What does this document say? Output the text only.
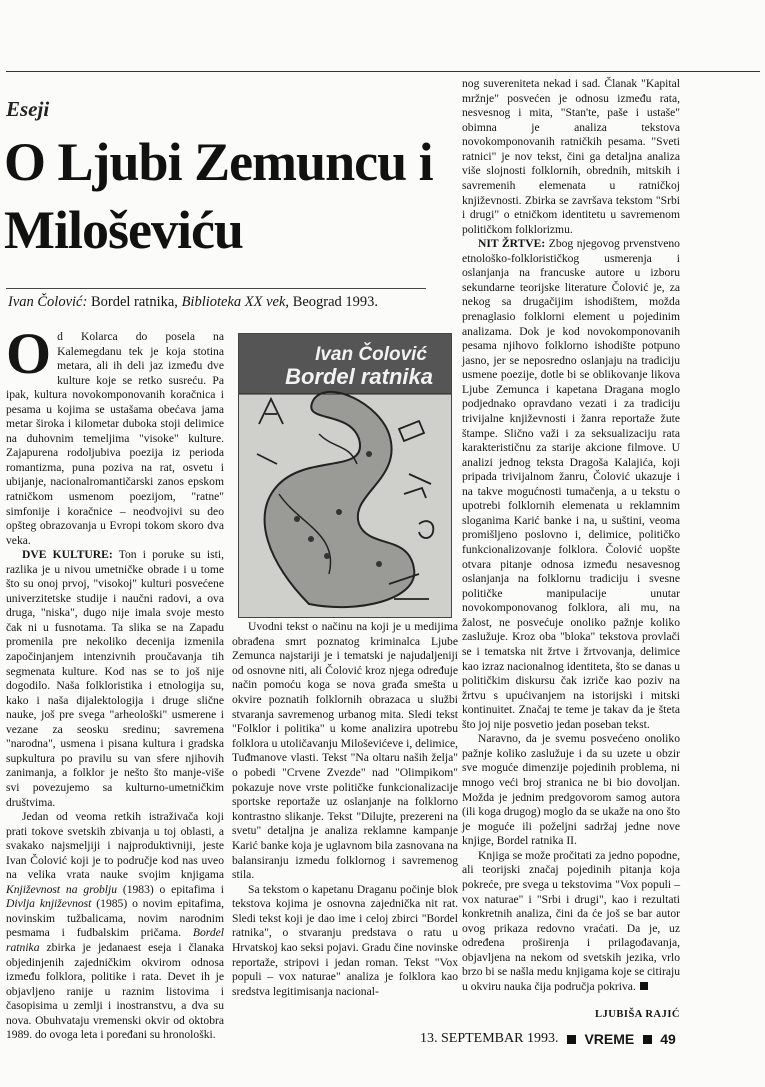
Eseji
O Ljubi Zemuncu i Miloševiću
Ivan Čolović: Bordel ratnika, Biblioteka XX vek, Beograd 1993.

Od Kolarca do posela na Kalemegdanu tek je koja stotina metara, ali ih deli jaz između dve kulture koje se retko susreću. Pa ipak, kultura novokomponovanih koračnica i pesama u kojima se ustašama obećava jama metar široka i kilometar duboka stoji delimice na duhovnim temeljima "visoke" kulture. Zajapurena rodoljubiva poezija iz perioda romantizma, puna poziva na rat, osvetu i ubijanje, nacionalromantičarski zanos epskom ratničkom usmenom poezijom, "ratne" simfonije i koračnice – neodvojivi su deo opšteg obrazovanja u Evropi tokom skoro dva veka.

DVE KULTURE: Ton i poruke su isti, razlika je u nivou umetničke obrade i u tome što su onoj prvoj, "visokoj" kulturi posvećene univerzitetske studije i naučni radovi, a ova druga, "niska", dugo nije imala svoje mesto čak ni u fusnotama. Ta slika se na Zapadu promenila pre nekoliko decenija izmenila započinjanjem intenzivnih proučavanja tih segmenata kulture. Kod nas se to još nije dogodilo. Naša folkloristika i etnologija su, kako i naša dijalektologija i druge slične nauke, još pre svega "arheološki" usmerene i vezane za seosku sredinu; savremena "narodna", usmena i pisana kultura i gradska supkultura po pravilu su van sfere njihovih zanimanja, a folklor je nešto što manje-više svi povezujemo sa kulturno-umetničkim društvima.

Jedan od veoma retkih istraživača koji prati tokove svetskih zbivanja u toj oblasti, a svakako najsmeljiji i najproduktivniji, jeste Ivan Čolović koji je to područje kod nas uveo na velika vrata nauke svojim knjigama Književnost na groblju (1983) o epitafima i Divlja književnost (1985) o novim epitafima, novinskim tužbalicama, novim narodnim pesmama i fudbalskim pričama. Bordel ratnika zbirka je jedanaest eseja i članaka objedinjenih zajedničkim okvirom odnosa između folklora, politike i rata. Devet ih je objavljeno ranije u raznim listovima i časopisima u zemlji i inostranstvu, a dva su nova. Obuhvataju vremenski okvir od oktobra 1989. do ovoga leta i poređani su hronološki.

Ivan Čolović
Bordel ratnika

Uvodni tekst o načinu na koji je u medijima obrađena smrt poznatog kriminalca Ljube Zemunca najstariji je i tematski je najudaljeniji od osnovne niti, ali Čolović kroz njega određuje način pomoću koga se nova građa smešta u okvire poznatih folklornih obrazaca u službi stvaranja savremenog urbanog mita. Sledi tekst "Folklor i politika" u kome analizira upotrebu folklora u utoličavanju Miloševićeve i, delimice, Tuđmanove vlasti. Tekst "Na oltaru naših želja" o pobedi "Crvene Zvezde" nad "Olimpikom" pokazuje nove vrste političke funkcionalizacije sportske reportaže uz oslanjanje na folklorno kontrastno slikanje. Tekst "Dilujte, prezereni na svetu" detaljna je analiza reklamne kampanje Karić banke koja je uglavnom bila zasnovana na balansiranju izmedu folklornog i savremenog stila.

Sa tekstom o kapetanu Draganu počinje blok tekstova kojima je osnovna zajednička nit rat. Sledi tekst koji je dao ime i celoj zbirci "Bordel ratnika", o stvaranju predstava o ratu u Hrvatskoj kao seksi pojavi. Gradu čine novinske reportaže, stripovi i jedan roman. Tekst "Vox populi – vox naturae" analiza je folklora kao sredstva legitimisanja nacional-

nog suvereniteta nekad i sad. Članak "Kapital mržnje" posvećen je odnosu između rata, nesvesnog i mita, "Stan'te, paše i ustaše" obimna je analiza tekstova novokomponovanih ratničkih pesama. "Sveti ratnici" je nov tekst, čini ga detaljna analiza više slojnosti folklornih, obrednih, mitskih i savremenih elemenata u ratničkoj književnosti. Zbirka se završava tekstom "Srbi i drugi" o etničkom identitetu u savremenom političkom folklorizmu.

NIT ŽRTVE: Zbog njegovog prvenstveno etnološko-folklorističkog usmerenja i oslanjanja na francuske autore u izboru sekundarne teorijske literature Čolović je, za nekog sa drugačijim ishodištem, možda prenaglasio folklorni element u pojedinim analizama. Dok je kod novokomponovanih pesama njihovo folklorno ishodište potpuno jasno, jer se neposredno oslanjaju na tradiciju usmene poezije, dotle bi se oblikovanje likova Ljube Zemunca i kapetana Dragana moglo podjednako opravdano vezati i za tradiciju trivijalne književnosti i žanra reportaže žute štampe. Slično važi i za seksualizaciju rata karakterističnu za starije akcione filmove. U analizi jednog teksta Dragoša Kalajića, koji pripada trivijalnom žanru, Čolović ukazuje i na takve mogućnosti tumačenja, a u tekstu o upotrebi folklornih elemenata u reklamnim sloganima Karić banke i na, u suštini, veoma promišljeno poslovno i, delimice, političko funkcionalizovanje folklora. Čolović uopšte otvara pitanje odnosa između nesavesnog oslanjanja na folklornu tradiciju i svesne političke manipulacije unutar novokomponovanog folklora, ali mu, na žalost, ne posvećuje onoliko pažnje koliko zaslužuje. Kroz oba "bloka" tekstova provlači se i tematska nit žrtve i žrtvovanja, delimice kao izraz nacionalnog identiteta, što se danas u političkim diskursu čak izriče kao poziv na žrtvu s upućivanjem na istorijski i mitski kontinuitet. Značaj te teme je takav da je šteta što joj nije posvetio jedan poseban tekst.

Naravno, da je svemu posvećeno onoliko pažnje koliko zaslužuje i da su uzete u obzir sve moguće dimenzije pojedinih problema, ni mnogo veći broj stranica ne bi bio dovoljan. Možda je jednim predgovorom samog autora (ili koga drugog) moglo da se ukaže na ono što je moguće ili poželjni sadržaj jedne nove knjige, Bordel ratnika II.

Knjiga se može pročitati za jedno popodne, ali teorijski značaj pojedinih pitanja koja pokreće, pre svega u tekstovima "Vox populi – vox naturae" i "Srbi i drugi", kao i rezultati konkretnih analiza, čini da će još se bar autor ovog prikaza redovno vraćati. Da je, uz određena proširenja i prilagođavanja, objavljena na nekom od svetskih jezika, vrlo brzo bi se našla medu knjigama koje se citiraju u okviru nauka čija područja pokriva.

LJUBIŠA RAJIĆ
13. SEPTEMBAR 1993. VREME 49
